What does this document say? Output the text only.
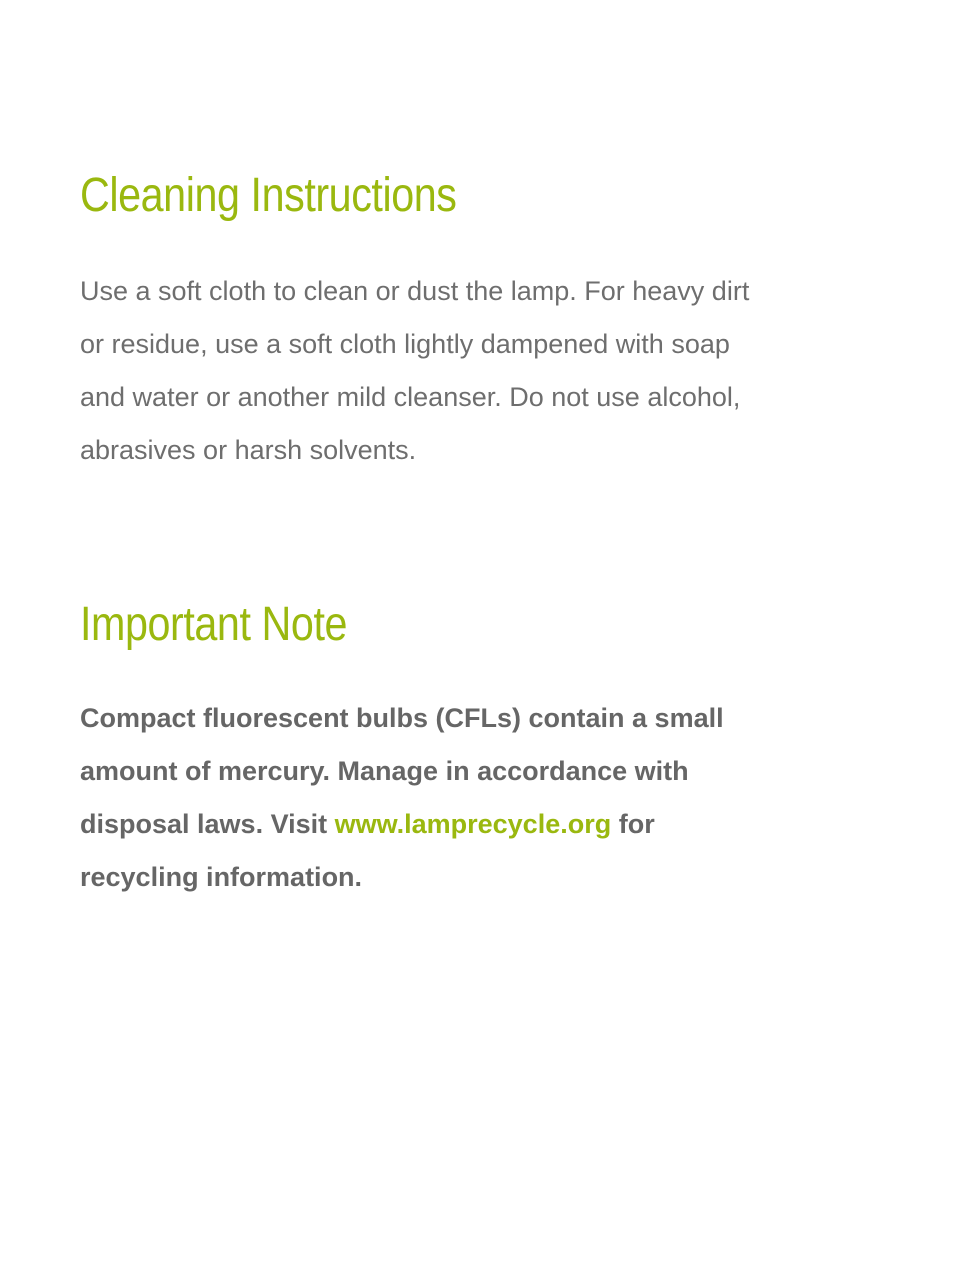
Cleaning Instructions

Use a soft cloth to clean or dust the lamp. For heavy dirt
or residue, use a soft cloth lightly dampened with soap
and water or another mild cleanser. Do not use alcohol,
abrasives or harsh solvents.

Important Note

Compact fluorescent bulbs (CFLs) contain a small
amount of mercury. Manage in accordance with
disposal laws. Visit www.lamprecycle.org for
recycling information.
